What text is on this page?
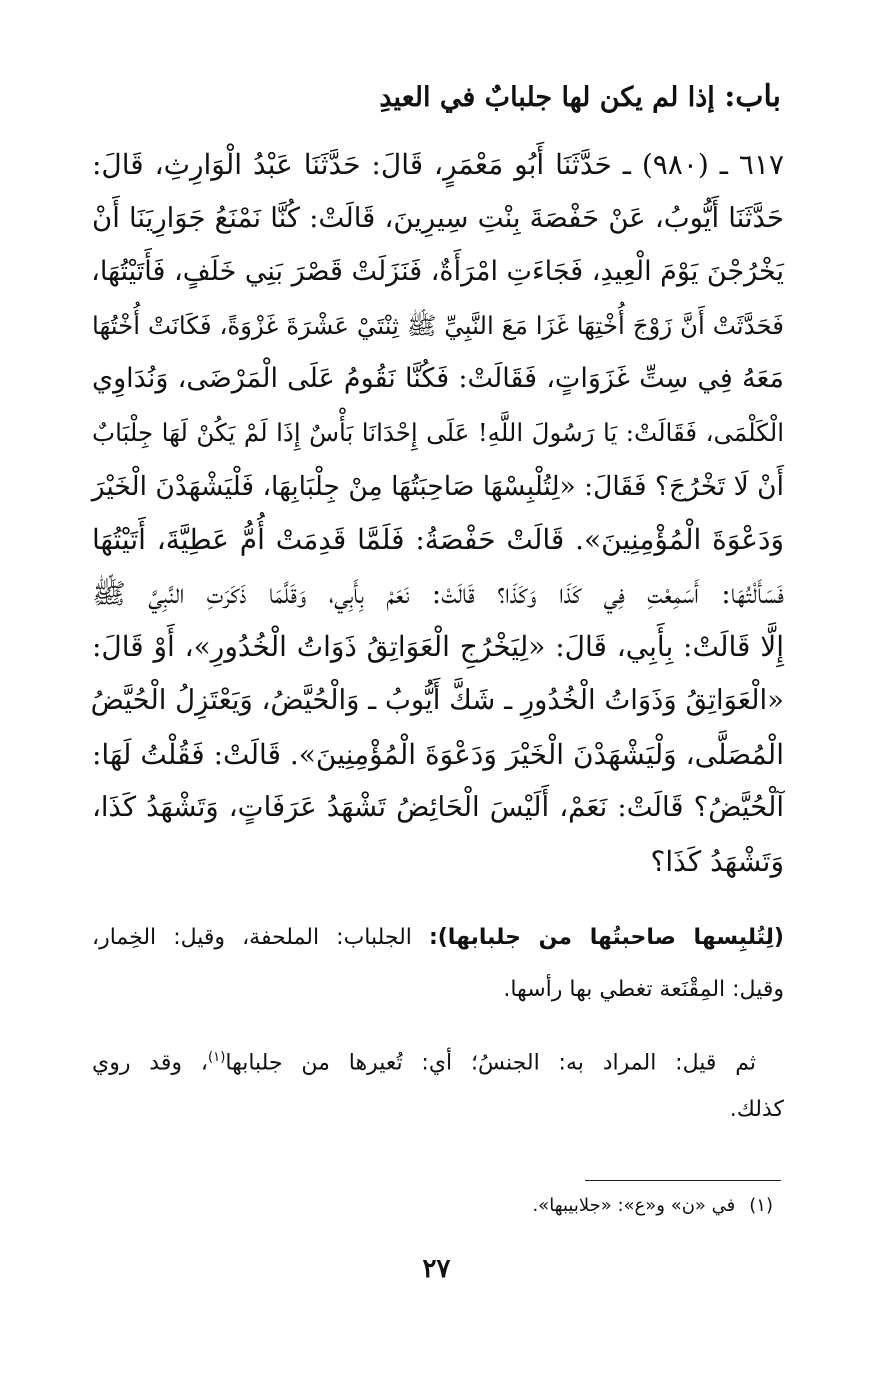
باب: إذا لم يكن لها جلبابٌ في العيدِ
٦١٧ ـ (٩٨٠) ـ حَدَّثَنَا أَبُو مَعْمَرٍ، قَالَ: حَدَّثَنَا عَبْدُ الْوَارِثِ، قَالَ:
حَدَّثَنَا أَيُّوبُ، عَنْ حَفْصَةَ بِنْتِ سِيرِينَ، قَالَتْ: كُنَّا نَمْنَعُ جَوَارِيَنَا أَنْ
يَخْرُجْنَ يَوْمَ الْعِيدِ، فَجَاءَتِ امْرَأَةٌ، فَنَزَلَتْ قَصْرَ بَنِي خَلَفٍ، فَأَتَيْتُهَا،
فَحَدَّثَتْ أَنَّ زَوْجَ أُخْتِهَا غَزَا مَعَ النَّبِيِّ ﷺ ثِنْتَيْ عَشْرَةَ غَزْوَةً، فَكَانَتْ أُخْتُهَا
مَعَهُ فِي سِتِّ غَزَوَاتٍ، فَقَالَتْ: فَكُنَّا نَقُومُ عَلَى الْمَرْضَى، وَنُدَاوِي
الْكَلْمَى، فَقَالَتْ: يَا رَسُولَ اللَّهِ! عَلَى إِحْدَانَا بَأْسٌ إِذَا لَمْ يَكُنْ لَهَا جِلْبَابٌ
أَنْ لَا تَخْرُجَ؟ فَقَالَ: «لِتُلْبِسْهَا صَاحِبَتُهَا مِنْ جِلْبَابِهَا، فَلْيَشْهَدْنَ الْخَيْرَ
وَدَعْوَةَ الْمُؤْمِنِينَ». قَالَتْ حَفْصَةُ: فَلَمَّا قَدِمَتْ أُمُّ عَطِيَّةَ، أَتَيْتُهَا
فَسَأَلْتُهَا: أَسَمِعْتِ فِي كَذَا وَكَذَا؟ قَالَتْ: نَعَمْ بِأَبِي، وَقَلَّمَا ذَكَرَتِ النَّبِيَّ ﷺ
إِلَّا قَالَتْ: بِأَبِي، قَالَ: «لِيَخْرُجِ الْعَوَاتِقُ ذَوَاتُ الْخُدُورِ»، أَوْ قَالَ:
«الْعَوَاتِقُ وَذَوَاتُ الْخُدُورِ ـ شَكَّ أَيُّوبُ ـ وَالْحُيَّضُ، وَيَعْتَزِلُ الْحُيَّضُ
الْمُصَلَّى، وَلْيَشْهَدْنَ الْخَيْرَ وَدَعْوَةَ الْمُؤْمِنِينَ». قَالَتْ: فَقُلْتُ لَهَا:
آلْحُيَّضُ؟ قَالَتْ: نَعَمْ، أَلَيْسَ الْحَائِضُ تَشْهَدُ عَرَفَاتٍ، وَتَشْهَدُ كَذَا،
وَتَشْهَدُ كَذَا؟
(لِتُلبِسها صاحبتُها من جلبابها): الجلباب: الملحفة، وقيل: الخِمار،
وقيل: المِقْنَعة تغطي بها رأسها.
ثم قيل: المراد به: الجنسُ؛ أي: تُعيرها من جلبابها$^{(١)}$، وقد روي
كذلك.
(١)في «ن» و«ع»: «جلابيبها».
٢٧
